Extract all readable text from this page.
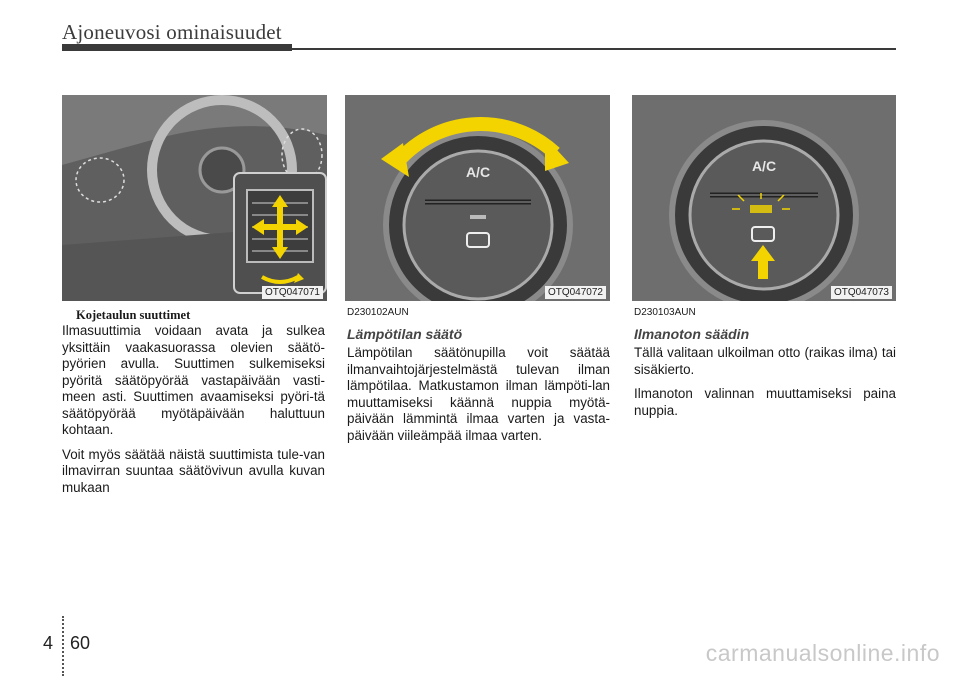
Ajoneuvosi ominaisuudet
OTQ047071
A/C
OTQ047072
A/C
OTQ047073
Kojetaulun suuttimet

Ilmasuuttimia voidaan avata ja sulkea yksittäin vaakasuorassa olevien säätö-pyörien avulla. Suuttimen sulkemiseksi pyöritä säätöpyörää vastapäivään vasti-meen asti. Suuttimen avaamiseksi pyöri-tä säätöpyörää myötäpäivään haluttuun kohtaan.

Voit myös säätää näistä suuttimista tule-van ilmavirran suuntaa säätövivun avulla kuvan mukaan

D230102AUN
Lämpötilan säätö

Lämpötilan säätönupilla voit säätää ilmanvaihtojärjestelmästä tulevan ilman lämpötilaa. Matkustamon ilman lämpöti-lan muuttamiseksi käännä nuppia myötä-päivään lämmintä ilmaa varten ja vasta-päivään viileämpää ilmaa varten.

D230103AUN
Ilmanoton säädin

Tällä valitaan ulkoilman otto (raikas ilma) tai sisäkierto.

Ilmanoton valinnan muuttamiseksi paina nuppia.

4 60	carmanualsonline.info
